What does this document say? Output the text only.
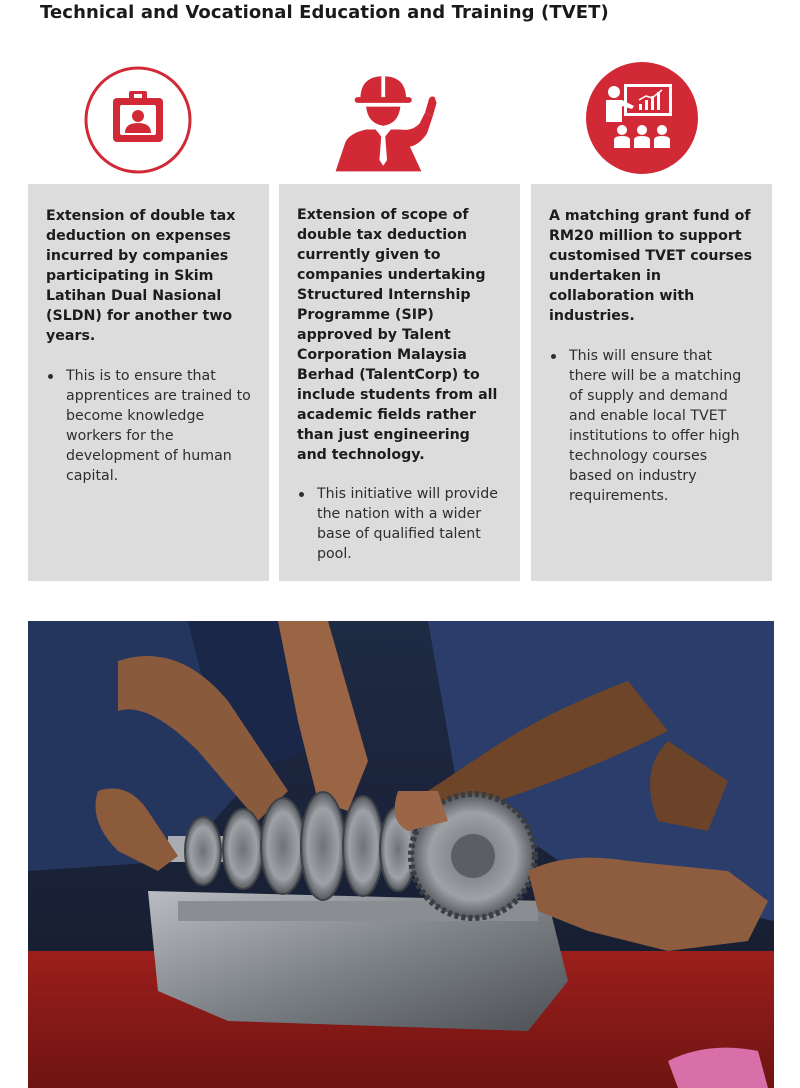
Technical and Vocational Education and Training (TVET)

Extension of double tax deduction on expenses incurred by companies participating in Skim Latihan Dual Nasional (SLDN) for another two years.

This is to ensure that apprentices are trained to become knowledge workers for the development of human capital.

Extension of scope of double tax deduction currently given to companies undertaking Structured Internship Programme (SIP) approved by Talent Corporation Malaysia Berhad (TalentCorp) to include students from all academic fields rather than just engineering and technology.

This initiative will provide the nation with a wider base of qualified talent pool.

A matching grant fund of RM20 million to support customised TVET courses undertaken in collaboration with industries.

This will ensure that there will be a matching of supply and demand and enable local TVET institutions to offer high technology courses based on industry requirements.
